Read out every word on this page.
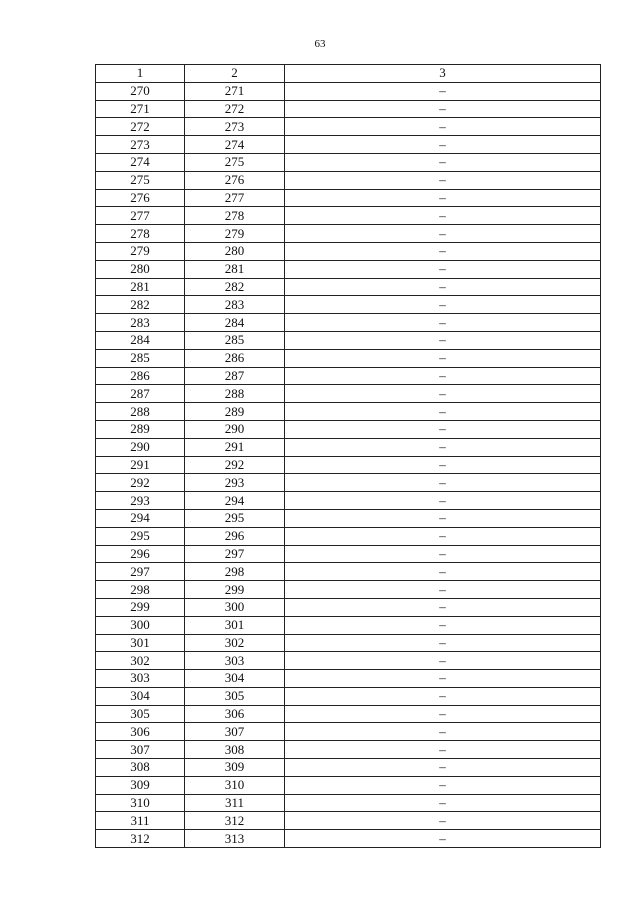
63
1	2	3
270	271	–
271	272	–
272	273	–
273	274	–
274	275	–
275	276	–
276	277	–
277	278	–
278	279	–
279	280	–
280	281	–
281	282	–
282	283	–
283	284	–
284	285	–
285	286	–
286	287	–
287	288	–
288	289	–
289	290	–
290	291	–
291	292	–
292	293	–
293	294	–
294	295	–
295	296	–
296	297	–
297	298	–
298	299	–
299	300	–
300	301	–
301	302	–
302	303	–
303	304	–
304	305	–
305	306	–
306	307	–
307	308	–
308	309	–
309	310	–
310	311	–
311	312	–
312	313	–
